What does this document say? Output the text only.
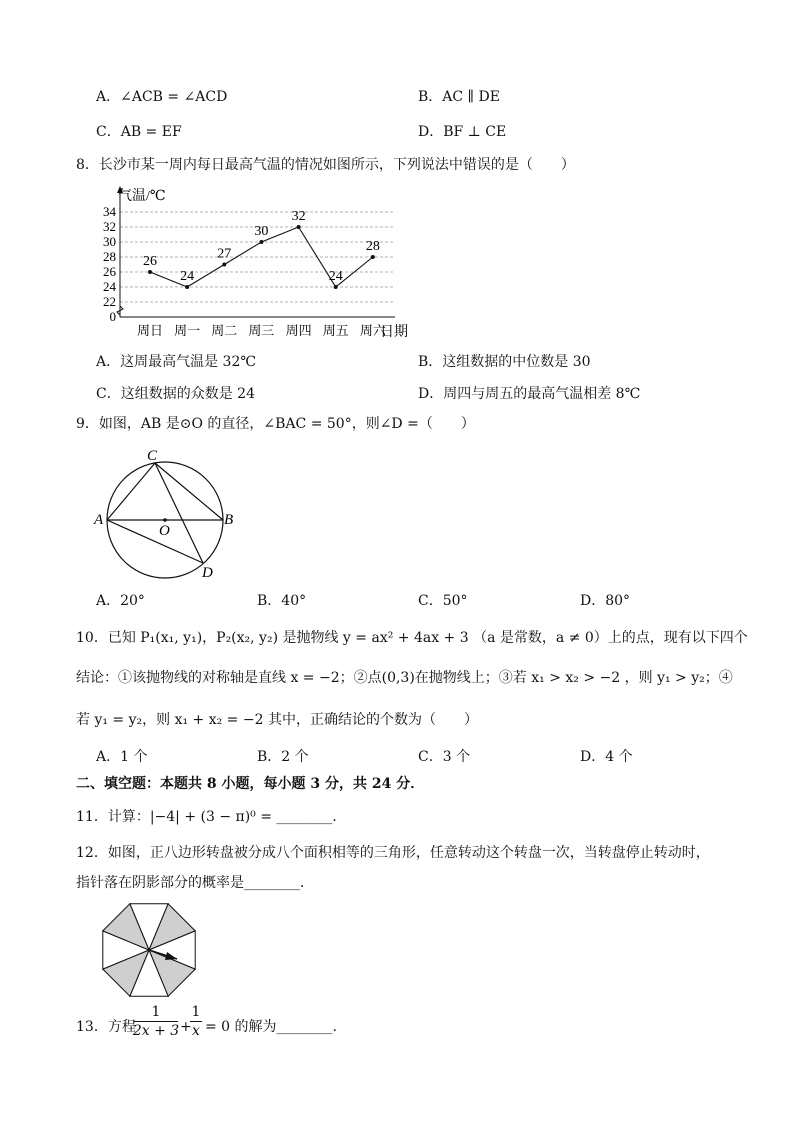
A．∠ACB = ∠ACD	B．AC ∥ DE
C．AB = EF	D．BF ⊥ CE
8．长沙市某一周内每日最高气温的情况如图所示，下列说法中错误的是（　　）
0
22
24
26
28
30
32
34
周日 周一 周二 周三 周四 周五 周六
26
24
27
30
32
24
28
气温/℃
日期
A．这周最高气温是 32℃	B．这组数据的中位数是 30
C．这组数据的众数是 24	D．周四与周五的最高气温相差 8℃
9．如图，AB 是⊙O 的直径，∠BAC = 50°，则∠D =（　　）
A	B
C
D
O
A．20°	B．40°	C．50°	D．80°
10．已知 P₁(x₁, y₁)，P₂(x₂, y₂) 是抛物线 y = ax² + 4ax + 3 （a 是常数，a ≠ 0）上的点，现有以下四个
结论：①该抛物线的对称轴是直线 x = −2；②点(0,3)在抛物线上；③若 x₁ > x₂ > −2 ，则 y₁ > y₂；④
若 y₁ = y₂，则 x₁ + x₂ = −2 其中，正确结论的个数为（　　）
A．1 个	B．2 个	C．3 个	D．4 个
二、填空题：本题共 8 小题，每小题 3 分，共 24 分．
11．计算：|−4| + (3 − π)⁰ = ________．
12．如图，正八边形转盘被分成八个面积相等的三角形，任意转动这个转盘一次，当转盘停止转动时，
指针落在阴影部分的概率是________．
13．方程
1
2x + 3 +
1
x = 0 的解为________.
